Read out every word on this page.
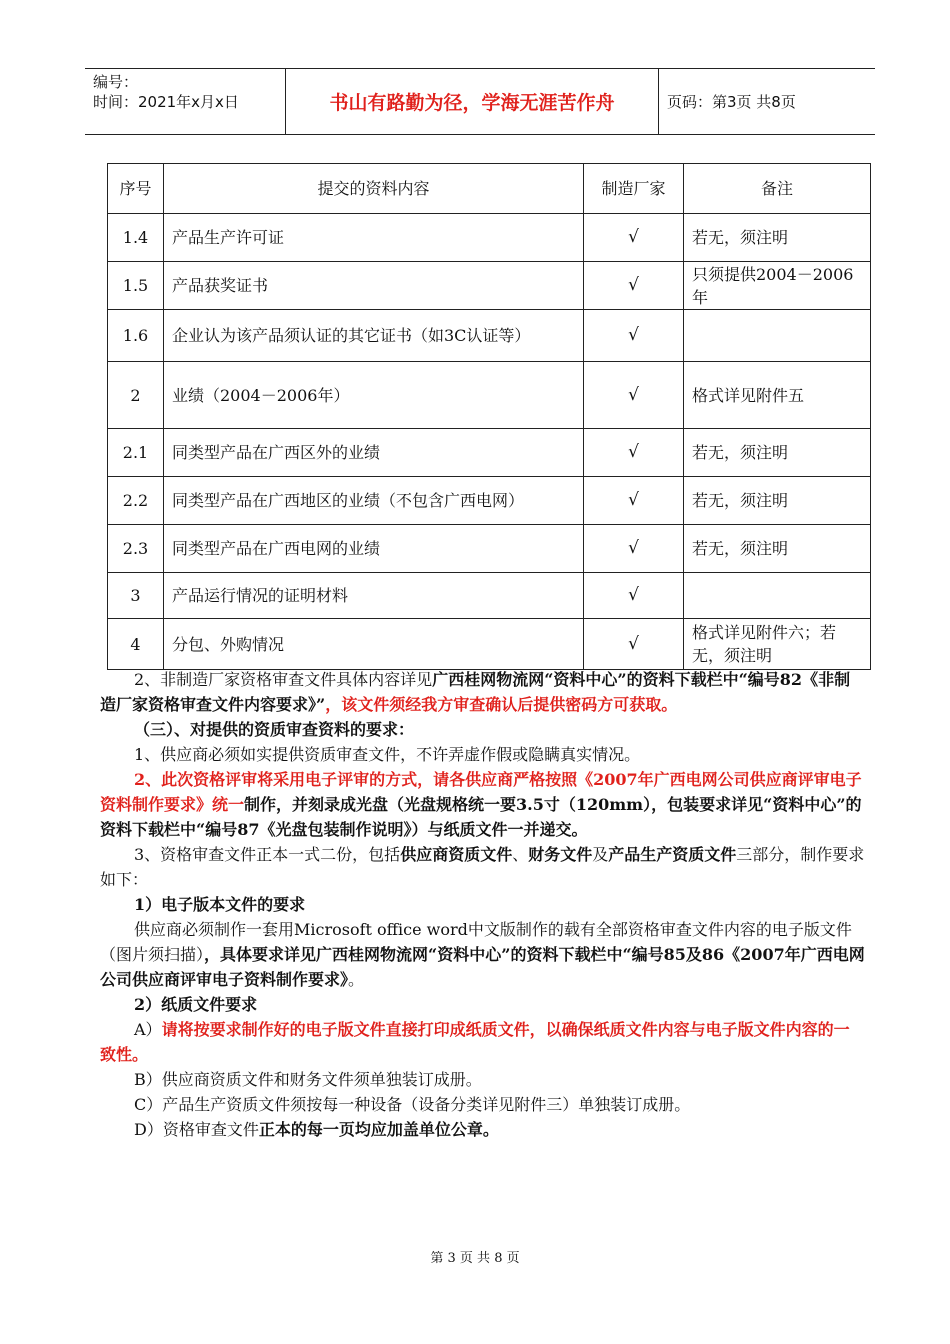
编号：
时间：2021年x月x日	书山有路勤为径，学海无涯苦作舟	页码：第3页 共8页
序号	提交的资料内容	制造厂家	备注
1.4	产品生产许可证	√	若无，须注明
1.5	产品获奖证书	√	只须提供2004－2006年
1.6	企业认为该产品须认证的其它证书（如3C认证等）	√	
2	业绩（2004－2006年）	√	格式详见附件五
2.1	同类型产品在广西区外的业绩	√	若无，须注明
2.2	同类型产品在广西地区的业绩（不包含广西电网）	√	若无，须注明
2.3	同类型产品在广西电网的业绩	√	若无，须注明
3	产品运行情况的证明材料	√	
4	分包、外购情况	√	格式详见附件六；若无，须注明

2、非制造厂家资格审查文件具体内容详见广西桂网物流网“资料中心”的资料下载栏中“编号82《非制造厂家资格审查文件内容要求》”，该文件须经我方审查确认后提供密码方可获取。

（三）、对提供的资质审查资料的要求：

1、供应商必须如实提供资质审查文件，不许弄虚作假或隐瞒真实情况。

2、此次资格评审将采用电子评审的方式，请各供应商严格按照《2007年广西电网公司供应商评审电子资料制作要求》统一制作，并刻录成光盘（光盘规格统一要3.5寸（120mm），包装要求详见“资料中心”的资料下载栏中“编号87《光盘包装制作说明》）与纸质文件一并递交。

3、资格审查文件正本一式二份，包括供应商资质文件、财务文件及产品生产资质文件三部分，制作要求如下：

1）电子版本文件的要求

供应商必须制作一套用Microsoft office word中文版制作的载有全部资格审查文件内容的电子版文件（图片须扫描），具体要求详见广西桂网物流网“资料中心”的资料下载栏中“编号85及86《2007年广西电网公司供应商评审电子资料制作要求》。

2）纸质文件要求

A）请将按要求制作好的电子版文件直接打印成纸质文件，以确保纸质文件内容与电子版文件内容的一致性。

B）供应商资质文件和财务文件须单独装订成册。

C）产品生产资质文件须按每一种设备（设备分类详见附件三）单独装订成册。

D）资格审查文件正本的每一页均应加盖单位公章。

第 3 页 共 8 页
